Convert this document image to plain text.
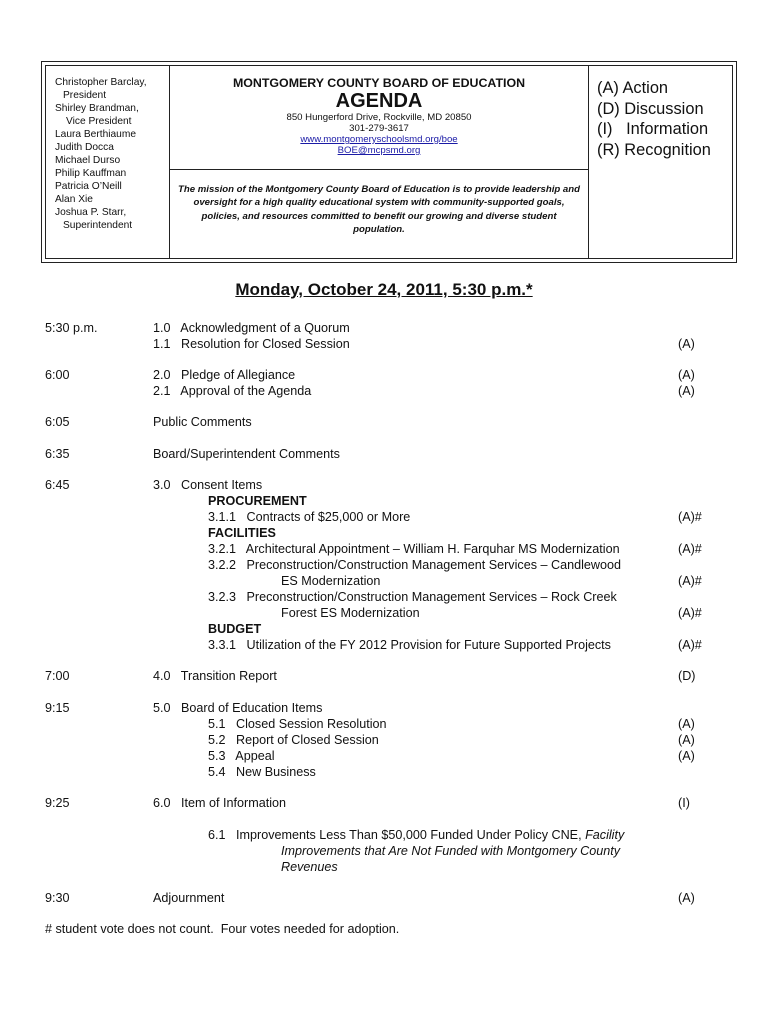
Christopher Barclay,
President
Shirley Brandman,
Vice President
Laura Berthiaume
Judith Docca
Michael Durso
Philip Kauffman
Patricia O’Neill
Alan Xie
Joshua P. Starr,
Superintendent
MONTGOMERY COUNTY BOARD OF EDUCATION
AGENDA
850 Hungerford Drive, Rockville, MD 20850
301-279-3617
www.montgomeryschoolsmd.org/boe
BOE@mcpsmd.org
The mission of the Montgomery County Board of Education is to provide leadership and oversight for a high quality educational system with community-supported goals, policies, and resources committed to benefit our growing and diverse student population.
(A) Action
(D) Discussion
(I)   Information
(R) Recognition
Monday, October 24, 2011, 5:30 p.m.*
5:30 p.m.	1.0   Acknowledgment of a Quorum
1.1   Resolution for Closed Session	(A)
6:00	2.0   Pledge of Allegiance	(A)
2.1   Approval of the Agenda	(A)
6:05	Public Comments
6:35	Board/Superintendent Comments
6:45	3.0   Consent Items
PROCUREMENT
3.1.1   Contracts of $25,000 or More	(A)#
FACILITIES
3.2.1   Architectural Appointment – William H. Farquhar MS Modernization	(A)#
3.2.2   Preconstruction/Construction Management Services – Candlewood
ES Modernization	(A)#
3.2.3   Preconstruction/Construction Management Services – Rock Creek
Forest ES Modernization	(A)#
BUDGET
3.3.1   Utilization of the FY 2012 Provision for Future Supported Projects	(A)#
7:00	4.0   Transition Report	(D)
9:15	5.0   Board of Education Items
5.1   Closed Session Resolution	(A)
5.2   Report of Closed Session	(A)
5.3   Appeal	(A)
5.4   New Business
9:25	6.0   Item of Information	(I)
6.1   Improvements Less Than $50,000 Funded Under Policy CNE, Facility
Improvements that Are Not Funded with Montgomery County
Revenues
9:30	Adjournment	(A)
# student vote does not count.  Four votes needed for adoption.
